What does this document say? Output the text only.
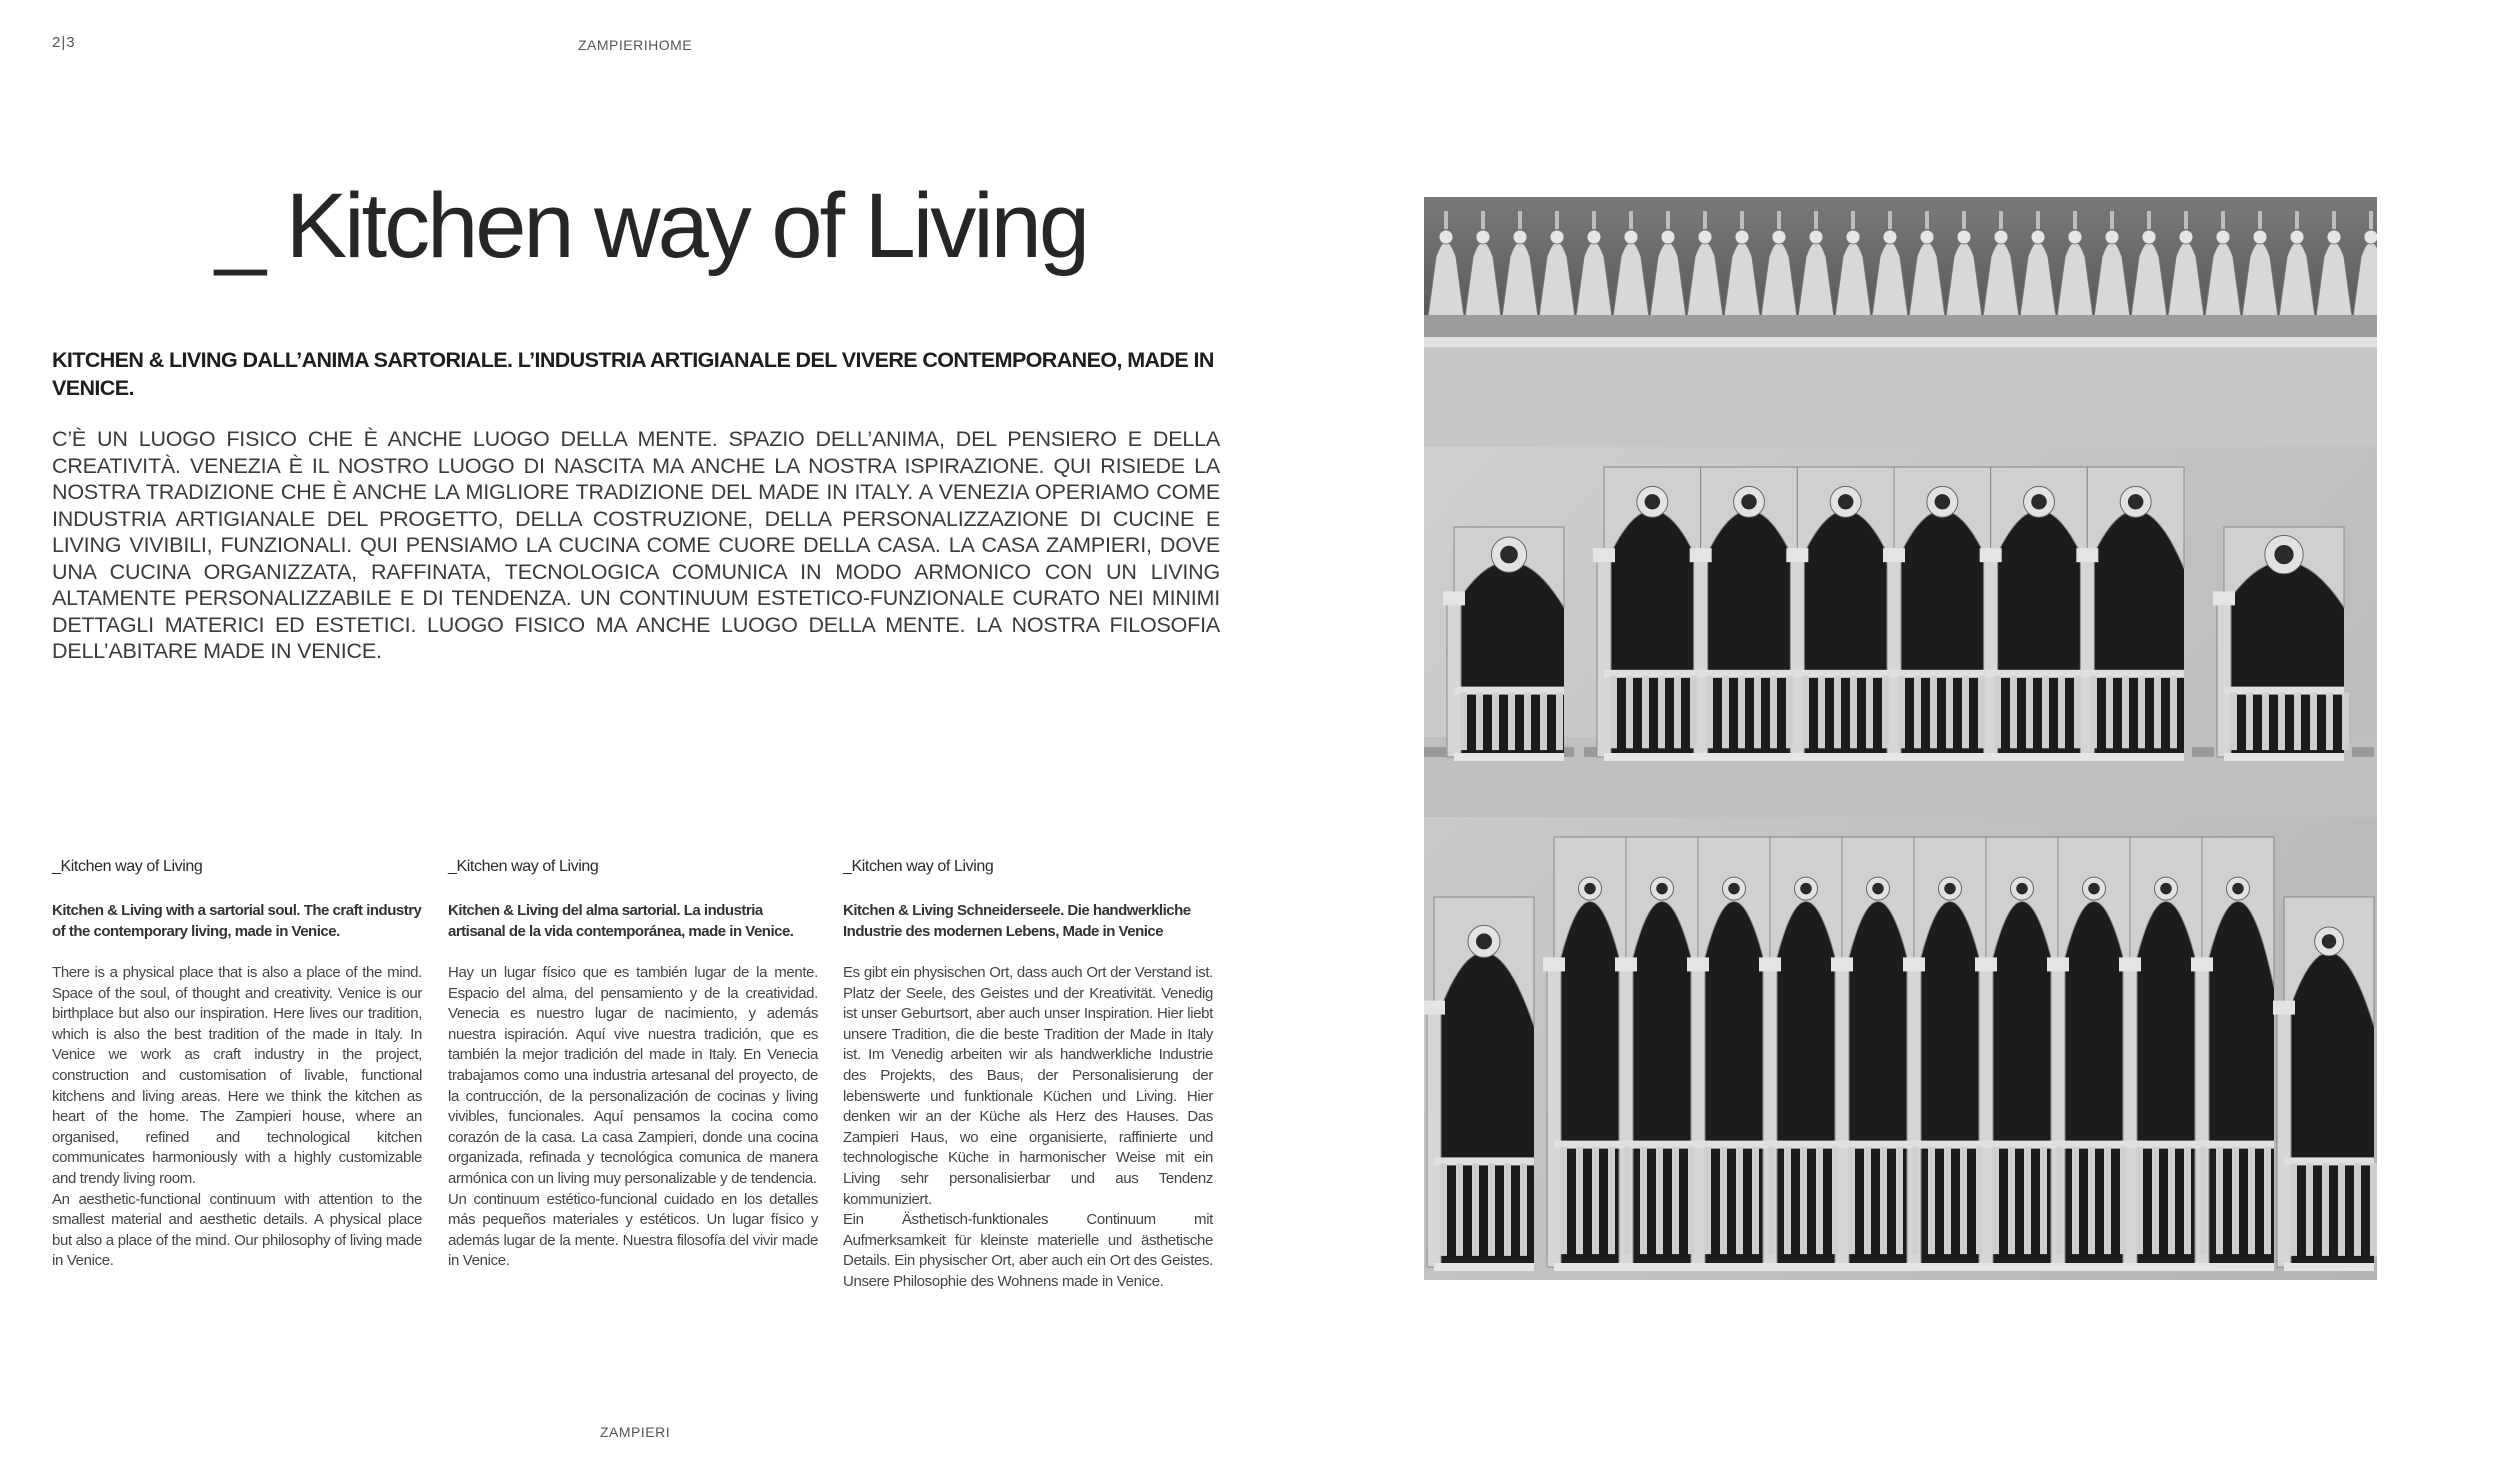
2|3	ZAMPIERIHOME
_ Kitchen way of Living
KITCHEN & LIVING DALL’ANIMA SARTORIALE. L’INDUSTRIA ARTIGIANALE DEL VIVERE CONTEMPORANEO, MADE IN VENICE.

C’È UN LUOGO FISICO CHE È ANCHE LUOGO DELLA MENTE. SPAZIO DELL’ANIMA, DEL PENSIERO E DELLA CREATIVITÀ. VENEZIA È IL NOSTRO LUOGO DI NASCITA MA ANCHE LA NOSTRA ISPIRAZIONE. QUI RISIEDE LA NOSTRA TRADIZIONE CHE È ANCHE LA MIGLIORE TRADIZIONE DEL MADE IN ITALY. A VENEZIA OPERIAMO COME INDUSTRIA ARTIGIANALE DEL PROGETTO, DELLA COSTRUZIONE, DELLA PERSONALIZZAZIONE DI CUCINE E LIVING VIVIBILI, FUNZIONALI. QUI PENSIAMO LA CUCINA COME CUORE DELLA CASA. LA CASA ZAMPIERI, DOVE UNA CUCINA ORGANIZZATA, RAFFINATA, TECNOLOGICA COMUNICA IN MODO ARMONICO CON UN LIVING ALTAMENTE PERSONALIZZABILE E DI TENDENZA. UN CONTINUUM ESTETICO-FUNZIONALE CURATO NEI MINIMI DETTAGLI MATERICI ED ESTETICI. LUOGO FISICO MA ANCHE LUOGO DELLA MENTE. LA NOSTRA FILOSOFIA DELL’ABITARE MADE IN VENICE.

_Kitchen way of Living

Kitchen & Living with a sartorial soul. The craft industry of the contemporary living, made in Venice.

There is a physical place that is also a place of the mind. Space of the soul, of thought and creativity. Venice is our birthplace but also our inspiration. Here lives our tradition, which is also the best tradition of the made in Italy. In Venice we work as craft industry in the project, construction and customisation of livable, functional kitchens and living areas. Here we think the kitchen as heart of the home. The Zampieri house, where an organised, refined and technological kitchen communicates harmoniously with a highly customizable and trendy living room.
An aesthetic-functional continuum with attention to the smallest material and aesthetic details. A physical place but also a place of the mind. Our philosophy of living made in Venice.

_Kitchen way of Living

Kitchen & Living del alma sartorial. La industria artisanal de la vida contemporánea, made in Venice.

Hay un lugar físico que es también lugar de la mente. Espacio del alma, del pensamiento y de la creatividad. Venecia es nuestro lugar de nacimiento, y además nuestra ispiración. Aquí vive nuestra tradición, que es también la mejor tradición del made in Italy. En Venecia trabajamos como una industria artesanal del proyecto, de la contrucción, de la personalización de cocinas y living vivibles, funcionales. Aquí pensamos la cocina como corazón de la casa. La casa Zampieri, donde una cocina organizada, refinada y tecnológica comunica de manera armónica con un living muy personalizable y de tendencia.
Un continuum estético-funcional cuidado en los detalles más pequeños materiales y estéticos. Un lugar físico y además lugar de la mente. Nuestra filosofía del vivir made in Venice.

_Kitchen way of Living

Kitchen & Living Schneiderseele. Die handwerkliche Industrie des modernen Lebens, Made in Venice

Es gibt ein physischen Ort, dass auch Ort der Verstand ist. Platz der Seele, des Geistes und der Kreativität. Venedig ist unser Geburtsort, aber auch unser Inspiration. Hier liebt unsere Tradition, die die beste Tradition der Made in Italy ist. Im Venedig arbeiten wir als handwerkliche Industrie des Projekts, des Baus, der Personalisierung der lebenswerte und funktionale Küchen und Living. Hier denken wir an der Küche als Herz des Hauses. Das Zampieri Haus, wo eine organisierte, raffinierte und technologische Küche in harmonischer Weise mit ein Living sehr personalisierbar und aus Tendenz kommuniziert.
Ein Ästhetisch-funktionales Continuum mit Aufmerksamkeit für kleinste materielle und ästhetische Details. Ein physischer Ort, aber auch ein Ort des Geistes. Unsere Philosophie des Wohnens made in Venice.

ZAMPIERI
